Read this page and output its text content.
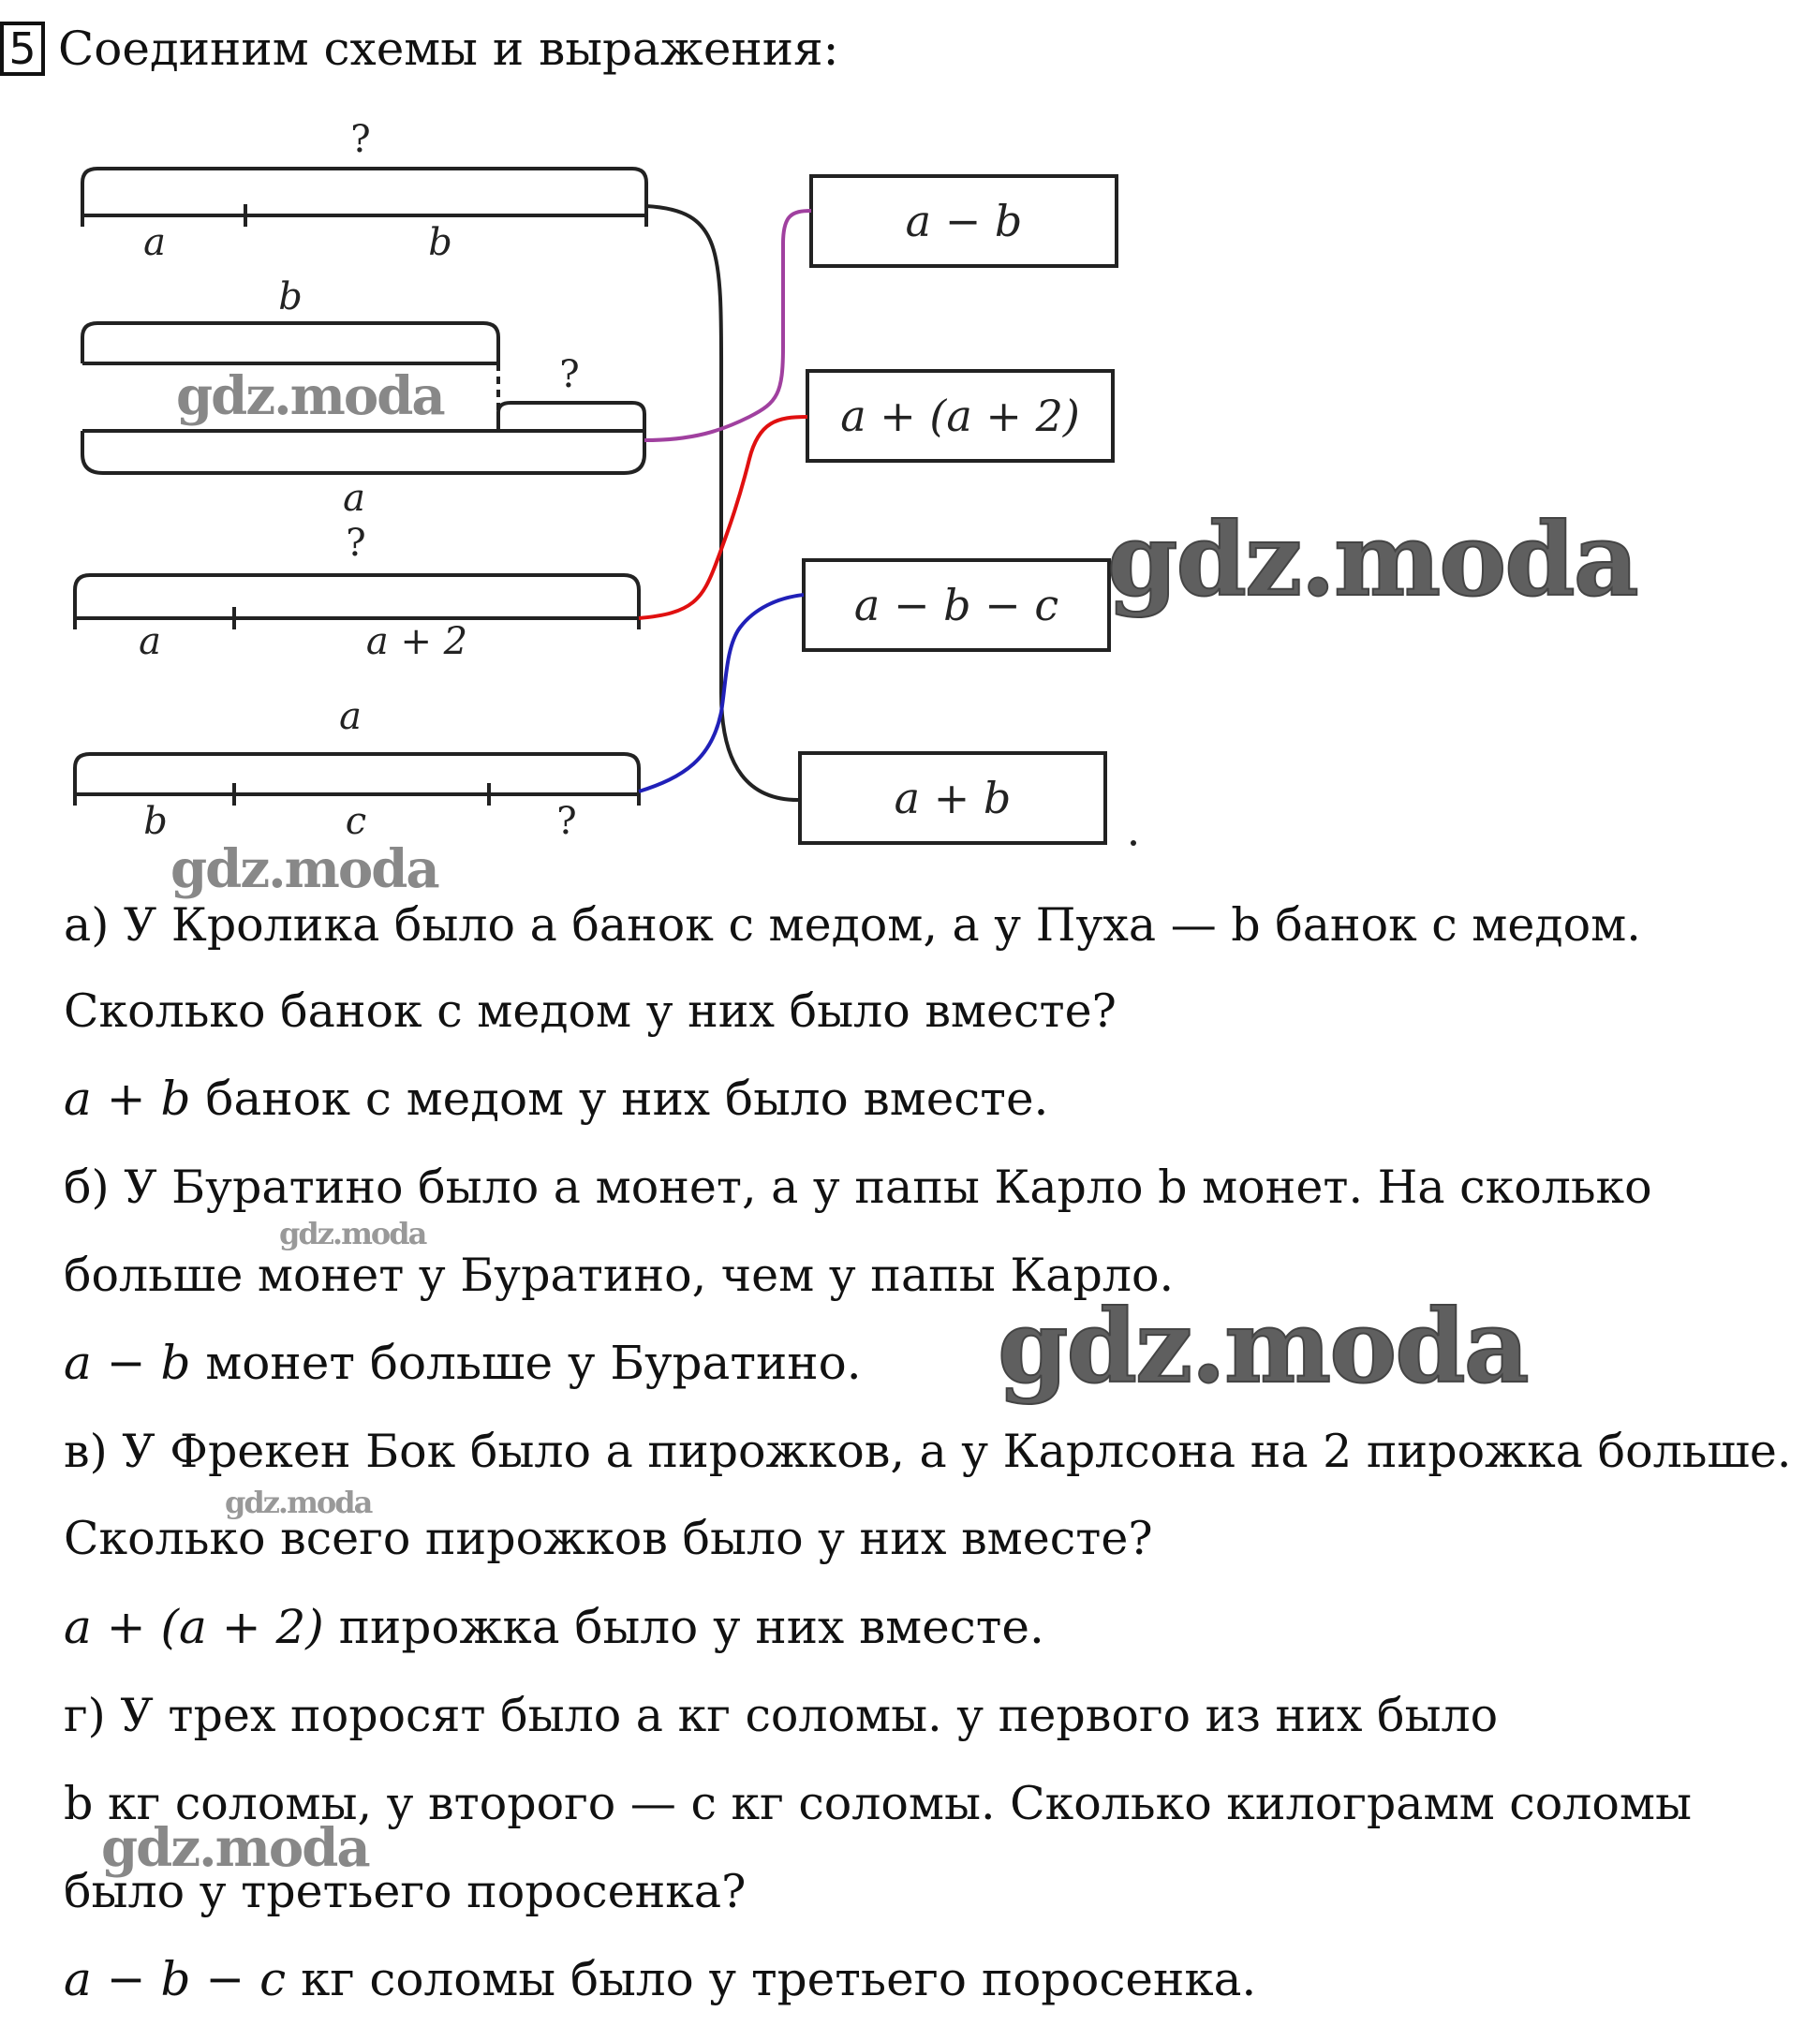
5 Соединим схемы и выражения:
?
a	b
b
?
a
?
a	a + 2
a
b	c	?
a − b
a + (a + 2)
a − b − c
a + b
а) У Кролика было a банок с медом, а у Пуха — b банок с медом.
Сколько банок с медом у них было вместе?
a + b банок с медом у них было вместе.
б) У Буратино было a монет, а у папы Карло b монет. На сколько
больше монет у Буратино, чем у папы Карло.
a − b монет больше у Буратино.
в) У Фрекен Бок было a пирожков, а у Карлсона на 2 пирожка больше.
Сколько всего пирожков было у них вместе?
a + (a + 2) пирожка было у них вместе.
г) У трех поросят было a кг соломы. у первого из них было
b кг соломы, у второго — c кг соломы. Сколько килограмм соломы
было у третьего поросенка?
a − b − c кг соломы было у третьего поросенка.
gdz.moda
gdz.moda
gdz.moda
gdz.moda
gdz.moda
gdz.moda
gdz.moda
